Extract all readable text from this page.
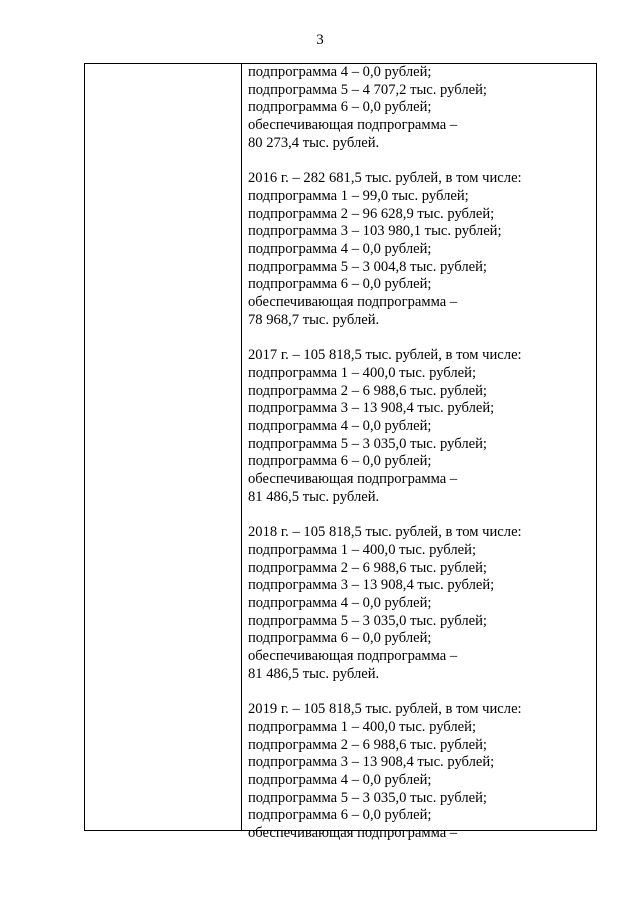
3
подпрограмма 4 – 0,0 рублей;
подпрограмма 5 – 4 707,2 тыс. рублей;
подпрограмма 6 – 0,0 рублей;
обеспечивающая подпрограмма –
80 273,4 тыс. рублей.
2016 г. – 282 681,5 тыс. рублей, в том числе:
подпрограмма 1 – 99,0 тыс. рублей;
подпрограмма 2 – 96 628,9 тыс. рублей;
подпрограмма 3 – 103 980,1 тыс. рублей;
подпрограмма 4 – 0,0 рублей;
подпрограмма 5 – 3 004,8 тыс. рублей;
подпрограмма 6 – 0,0 рублей;
обеспечивающая подпрограмма –
78 968,7 тыс. рублей.
2017 г. – 105 818,5 тыс. рублей, в том числе:
подпрограмма 1 – 400,0 тыс. рублей;
подпрограмма 2 – 6 988,6 тыс. рублей;
подпрограмма 3 – 13 908,4 тыс. рублей;
подпрограмма 4 – 0,0 рублей;
подпрограмма 5 – 3 035,0 тыс. рублей;
подпрограмма 6 – 0,0 рублей;
обеспечивающая подпрограмма –
81 486,5 тыс. рублей.
2018 г. – 105 818,5 тыс. рублей, в том числе:
подпрограмма 1 – 400,0 тыс. рублей;
подпрограмма 2 – 6 988,6 тыс. рублей;
подпрограмма 3 – 13 908,4 тыс. рублей;
подпрограмма 4 – 0,0 рублей;
подпрограмма 5 – 3 035,0 тыс. рублей;
подпрограмма 6 – 0,0 рублей;
обеспечивающая подпрограмма –
81 486,5 тыс. рублей.
2019 г. – 105 818,5 тыс. рублей, в том числе:
подпрограмма 1 – 400,0 тыс. рублей;
подпрограмма 2 – 6 988,6 тыс. рублей;
подпрограмма 3 – 13 908,4 тыс. рублей;
подпрограмма 4 – 0,0 рублей;
подпрограмма 5 – 3 035,0 тыс. рублей;
подпрограмма 6 – 0,0 рублей;
обеспечивающая подпрограмма –
